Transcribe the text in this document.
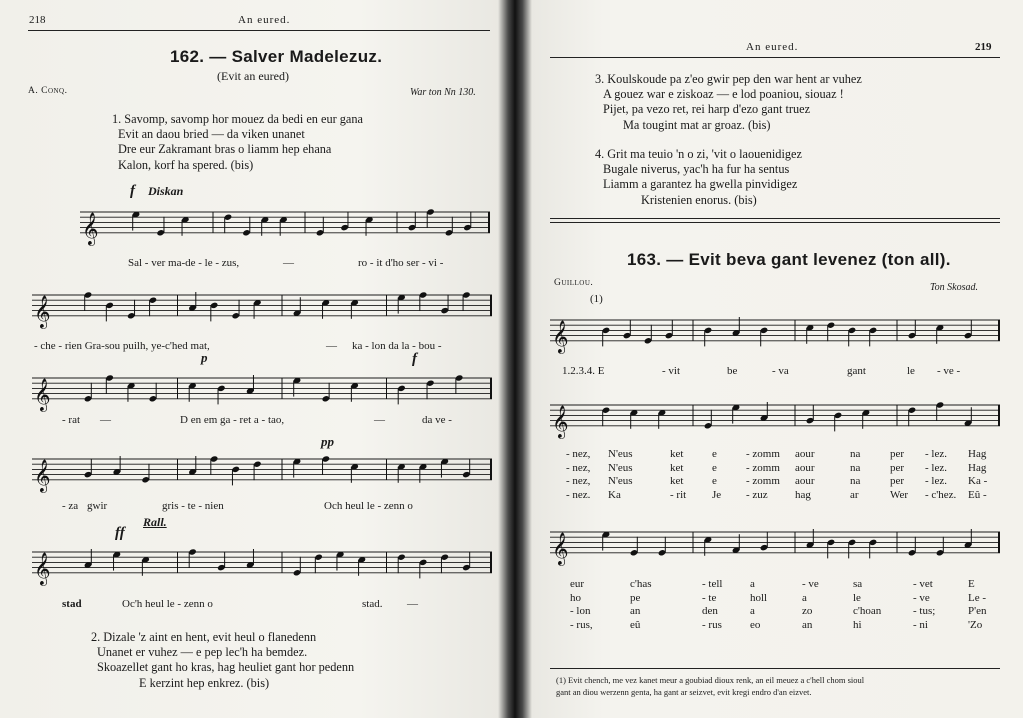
218	An eured.
162. — Salver Madelezuz.
(Evit an eured)
A. Conq.	War ton Nn 130.
1. Savomp, savomp hor mouez da bedi en eur gana
Evit an daou bried — da viken unanet
Dre eur Zakramant bras o liamm hep ehana
Kalon, korf ha spered. (bis)
Diskan
f
𝄞
Sal - ver ma-de - le - zus,	—	ro - it d'ho ser - vi -
𝄞
- che - rien Gra-sou puilh, ye-c'hed mat,	— ka - lon da la - bou -
p	f
𝄞
- rat —	D en em ga - ret a - tao,	—	da ve -
pp
𝄞
- za gwir	gris - te - nien	Och heul le - zenn o
Rall.
ff
𝄞
stad	Oc'h heul le - zenn o	stad. —
2. Dizale 'z aint en hent, evit heul o flanedenn
Unanet er vuhez — e pep lec'h ha bemdez.
Skoazellet gant ho kras, hag heuliet gant hor pedenn
E kerzint hep enkrez. (bis)
An eured.	219
3. Koulskoude pa z'eo gwir pep den war hent ar vuhez
A gouez war e ziskoaz — e lod poaniou, siouaz !
Pijet, pa vezo ret, rei harp d'ezo gant truez
Ma tougint mat ar groaz. (bis)
4. Grit ma teuio 'n o zi, 'vit o laouenidigez
Bugale niverus, yac'h ha fur ha sentus
Liamm a garantez ha gwella pinvidigez
Kristenien enorus. (bis)
163. — Evit beva gant levenez (ton all).
Guillou.	Ton Skosad.
(1)
𝄞
1.2.3.4. E	- vit	be	- va	gant	le - ve -
𝄞
- nez, N'eus	ket	e	- zomm aour	na	per - lez. Hag
- nez, N'eus	ket	e	- zomm aour	na	per - lez. Hag
- nez, N'eus	ket	e	- zomm aour	na	per - lez. Ka -
- nez. Ka	- rit Je - zuz hag	ar	Wer - c'hez. Eû -
𝄞
eur	c'has	- tell	a	- ve	sa	- vet	E
ho	pe	- te	holl	a	le	- ve	Le -
- lon	an	den	a	zo	c'hoan	- tus;	P'en
- rus,	eû	- rus	eo	an	hi	- ni	'Zo
(1) Evit chench, me vez kanet meur a goubiad dioux renk, an eil meuez a c'hell chom sioul
gant an diou werzenn genta, ha gant ar seizvet, evit kregi endro d'an eizvet.
